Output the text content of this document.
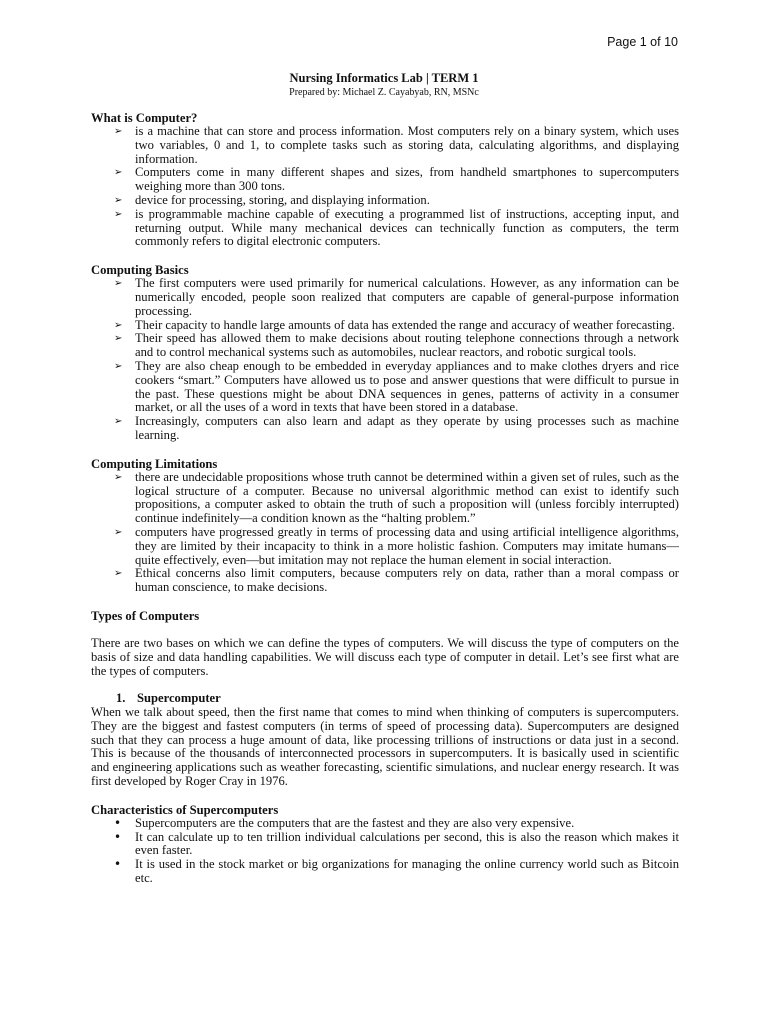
Page 1 of 10
Nursing Informatics Lab | TERM 1
Prepared by: Michael Z. Cayabyab, RN, MSNc
What is Computer?
➢ is a machine that can store and process information. Most computers rely on a binary system, which uses two variables, 0 and 1, to complete tasks such as storing data, calculating algorithms, and displaying information.
➢ Computers come in many different shapes and sizes, from handheld smartphones to supercomputers weighing more than 300 tons.
➢ device for processing, storing, and displaying information.
➢ is programmable machine capable of executing a programmed list of instructions, accepting input, and returning output. While many mechanical devices can technically function as computers, the term commonly refers to digital electronic computers.
Computing Basics
➢ The first computers were used primarily for numerical calculations. However, as any information can be numerically encoded, people soon realized that computers are capable of general-purpose information processing.
➢ Their capacity to handle large amounts of data has extended the range and accuracy of weather forecasting.
➢ Their speed has allowed them to make decisions about routing telephone connections through a network and to control mechanical systems such as automobiles, nuclear reactors, and robotic surgical tools.
➢ They are also cheap enough to be embedded in everyday appliances and to make clothes dryers and rice cookers “smart.” Computers have allowed us to pose and answer questions that were difficult to pursue in the past. These questions might be about DNA sequences in genes, patterns of activity in a consumer market, or all the uses of a word in texts that have been stored in a database.
➢ Increasingly, computers can also learn and adapt as they operate by using processes such as machine learning.
Computing Limitations
➢ there are undecidable propositions whose truth cannot be determined within a given set of rules, such as the logical structure of a computer. Because no universal algorithmic method can exist to identify such propositions, a computer asked to obtain the truth of such a proposition will (unless forcibly interrupted) continue indefinitely—a condition known as the “halting problem.”
➢ computers have progressed greatly in terms of processing data and using artificial intelligence algorithms, they are limited by their incapacity to think in a more holistic fashion. Computers may imitate humans—quite effectively, even—but imitation may not replace the human element in social interaction.
➢ Ethical concerns also limit computers, because computers rely on data, rather than a moral compass or human conscience, to make decisions.
Types of Computers

There are two bases on which we can define the types of computers. We will discuss the type of computers on the basis of size and data handling capabilities. We will discuss each type of computer in detail. Let’s see first what are the types of computers.

1. Supercomputer

When we talk about speed, then the first name that comes to mind when thinking of computers is supercomputers. They are the biggest and fastest computers (in terms of speed of processing data). Supercomputers are designed such that they can process a huge amount of data, like processing trillions of instructions or data just in a second. This is because of the thousands of interconnected processors in supercomputers. It is basically used in scientific and engineering applications such as weather forecasting, scientific simulations, and nuclear energy research. It was first developed by Roger Cray in 1976.

Characteristics of Supercomputers
• Supercomputers are the computers that are the fastest and they are also very expensive.
• It can calculate up to ten trillion individual calculations per second, this is also the reason which makes it even faster.
• It is used in the stock market or big organizations for managing the online currency world such as Bitcoin etc.
